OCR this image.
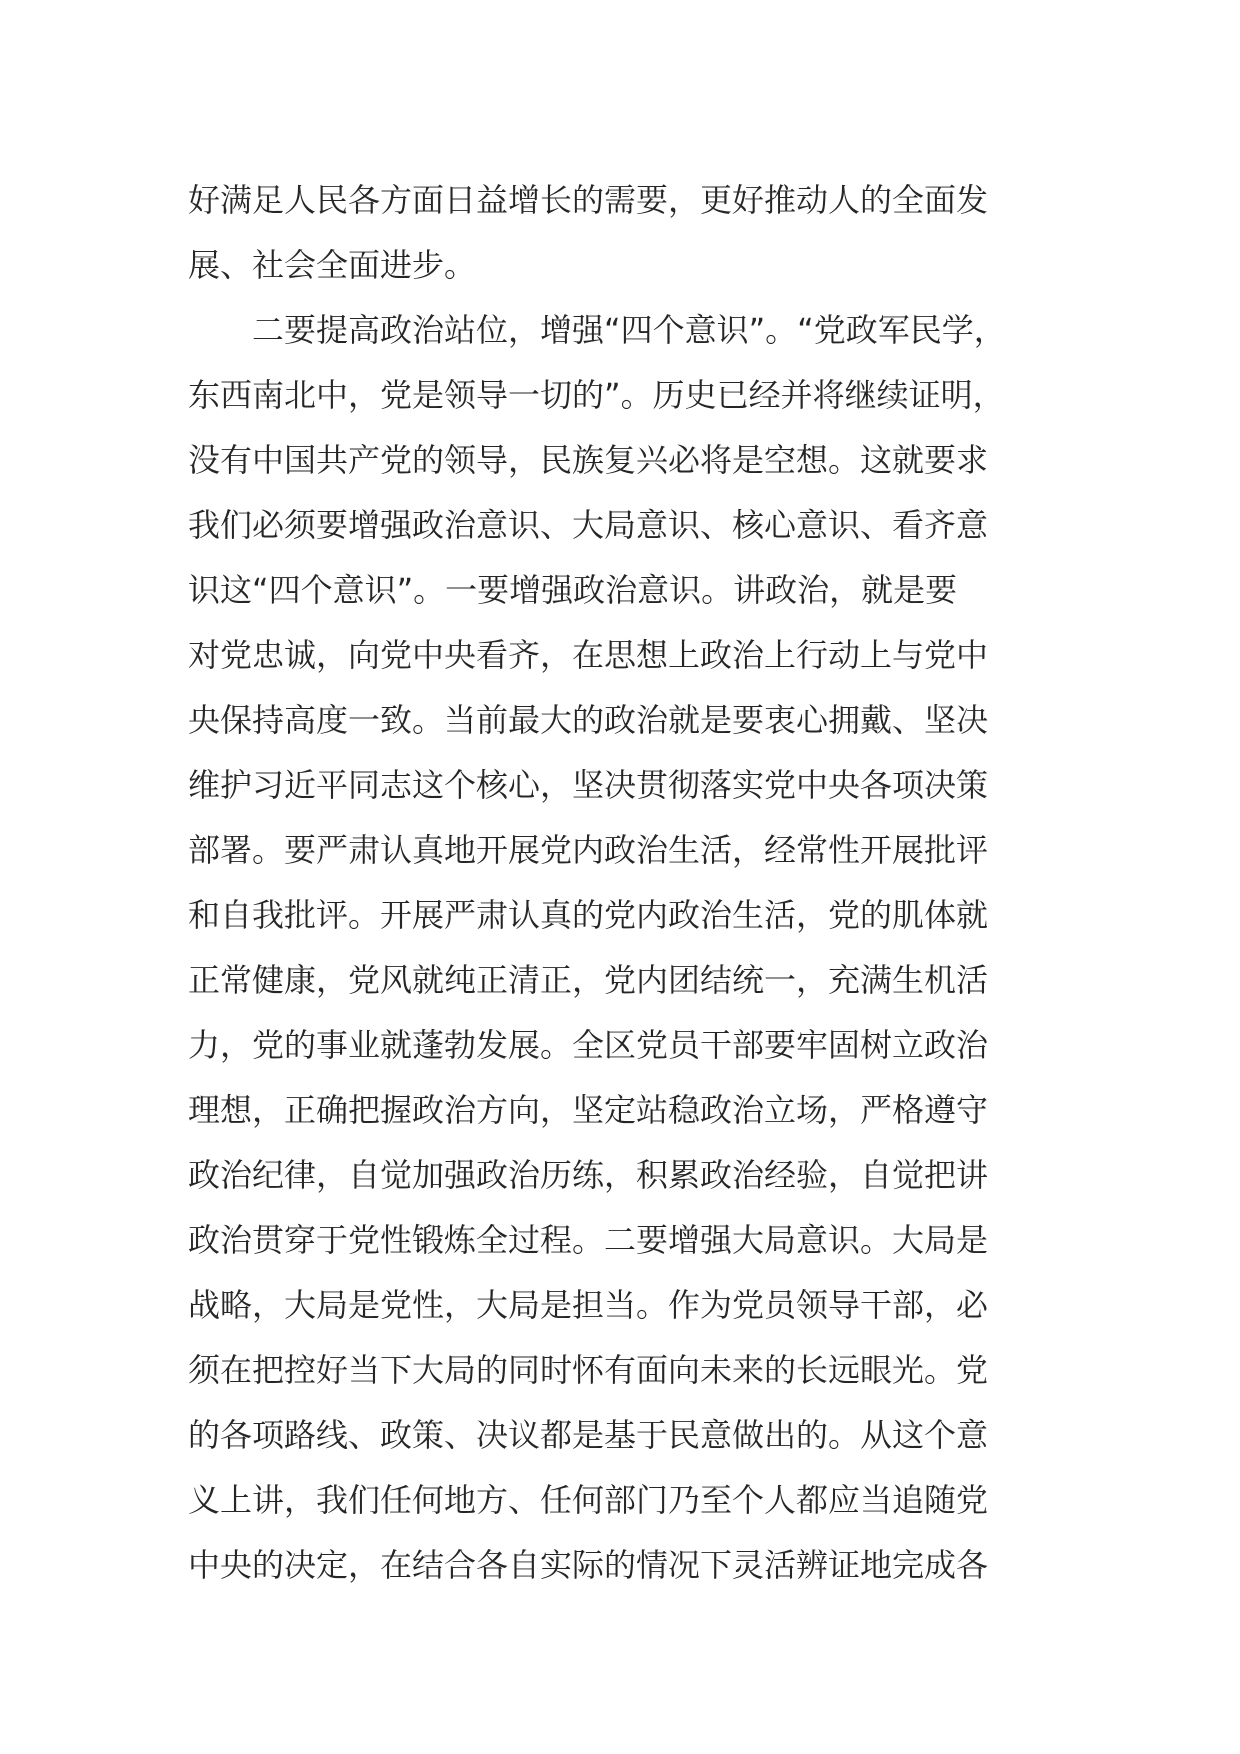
好满足人民各方面日益增长的需要，更好推动人的全面发
展、社会全面进步。
　　二要提高政治站位，增强“四个意识”。“党政军民学，
东西南北中，党是领导一切的”。历史已经并将继续证明，
没有中国共产党的领导，民族复兴必将是空想。这就要求
我们必须要增强政治意识、大局意识、核心意识、看齐意
识这“四个意识”。一要增强政治意识。讲政治，就是要
对党忠诚，向党中央看齐，在思想上政治上行动上与党中
央保持高度一致。当前最大的政治就是要衷心拥戴、坚决
维护习近平同志这个核心，坚决贯彻落实党中央各项决策
部署。要严肃认真地开展党内政治生活，经常性开展批评
和自我批评。开展严肃认真的党内政治生活，党的肌体就
正常健康，党风就纯正清正，党内团结统一，充满生机活
力，党的事业就蓬勃发展。全区党员干部要牢固树立政治
理想，正确把握政治方向，坚定站稳政治立场，严格遵守
政治纪律，自觉加强政治历练，积累政治经验，自觉把讲
政治贯穿于党性锻炼全过程。二要增强大局意识。大局是
战略，大局是党性，大局是担当。作为党员领导干部，必
须在把控好当下大局的同时怀有面向未来的长远眼光。党
的各项路线、政策、决议都是基于民意做出的。从这个意
义上讲，我们任何地方、任何部门乃至个人都应当追随党
中央的决定，在结合各自实际的情况下灵活辨证地完成各
